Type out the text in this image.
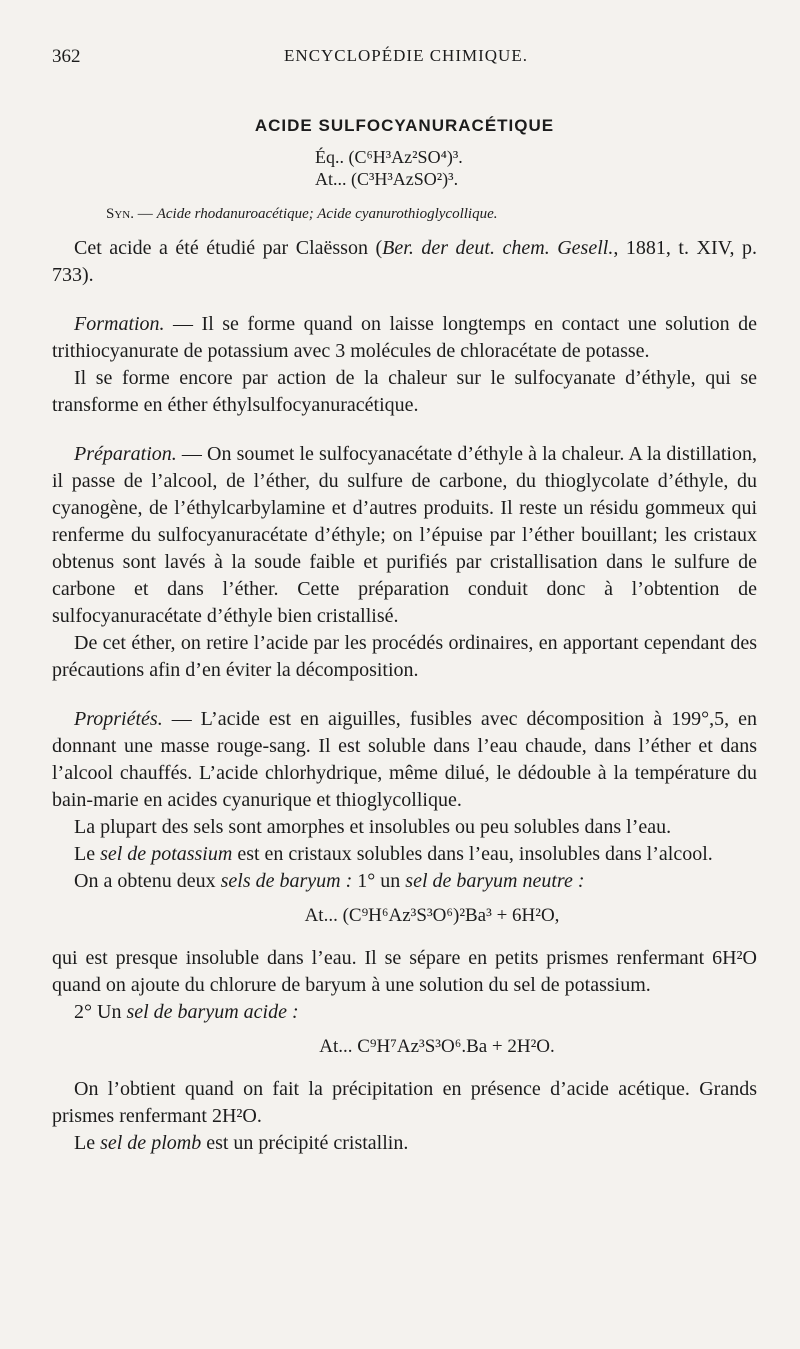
362	ENCYCLOPÉDIE CHIMIQUE.
ACIDE SULFOCYANURACÉTIQUE
Éq.. (C⁶H³Az²SO⁴)³.
At... (C³H³AzSO²)³.
Syn. — Acide rhodanuroacétique; Acide cyanurothioglycollique.

Cet acide a été étudié par Claësson (Ber. der deut. chem. Gesell., 1881, t. XIV, p. 733).

Formation. — Il se forme quand on laisse longtemps en contact une solution de trithiocyanurate de potassium avec 3 molécules de chloracétate de potasse.

Il se forme encore par action de la chaleur sur le sulfocyanate d’éthyle, qui se transforme en éther éthylsulfocyanuracétique.

Préparation. — On soumet le sulfocyanacétate d’éthyle à la chaleur. A la distillation, il passe de l’alcool, de l’éther, du sulfure de carbone, du thioglycolate d’éthyle, du cyanogène, de l’éthylcarbylamine et d’autres produits. Il reste un résidu gommeux qui renferme du sulfocyanuracétate d’éthyle; on l’épuise par l’éther bouillant; les cristaux obtenus sont lavés à la soude faible et purifiés par cristallisation dans le sulfure de carbone et dans l’éther. Cette préparation conduit donc à l’obtention de sulfocyanuracétate d’éthyle bien cristallisé.

De cet éther, on retire l’acide par les procédés ordinaires, en apportant cependant des précautions afin d’en éviter la décomposition.

Propriétés. — L’acide est en aiguilles, fusibles avec décomposition à 199°,5, en donnant une masse rouge-sang. Il est soluble dans l’eau chaude, dans l’éther et dans l’alcool chauffés. L’acide chlorhydrique, même dilué, le dédouble à la température du bain-marie en acides cyanurique et thioglycollique.

La plupart des sels sont amorphes et insolubles ou peu solubles dans l’eau.

Le sel de potassium est en cristaux solubles dans l’eau, insolubles dans l’alcool.

On a obtenu deux sels de baryum : 1° un sel de baryum neutre :

At... (C⁹H⁶Az³S³O⁶)²Ba³ + 6H²O,

qui est presque insoluble dans l’eau. Il se sépare en petits prismes renfermant 6H²O quand on ajoute du chlorure de baryum à une solution du sel de potassium.

2° Un sel de baryum acide :

At... C⁹H⁷Az³S³O⁶.Ba + 2H²O.

On l’obtient quand on fait la précipitation en présence d’acide acétique. Grands prismes renfermant 2H²O.

Le sel de plomb est un précipité cristallin.
